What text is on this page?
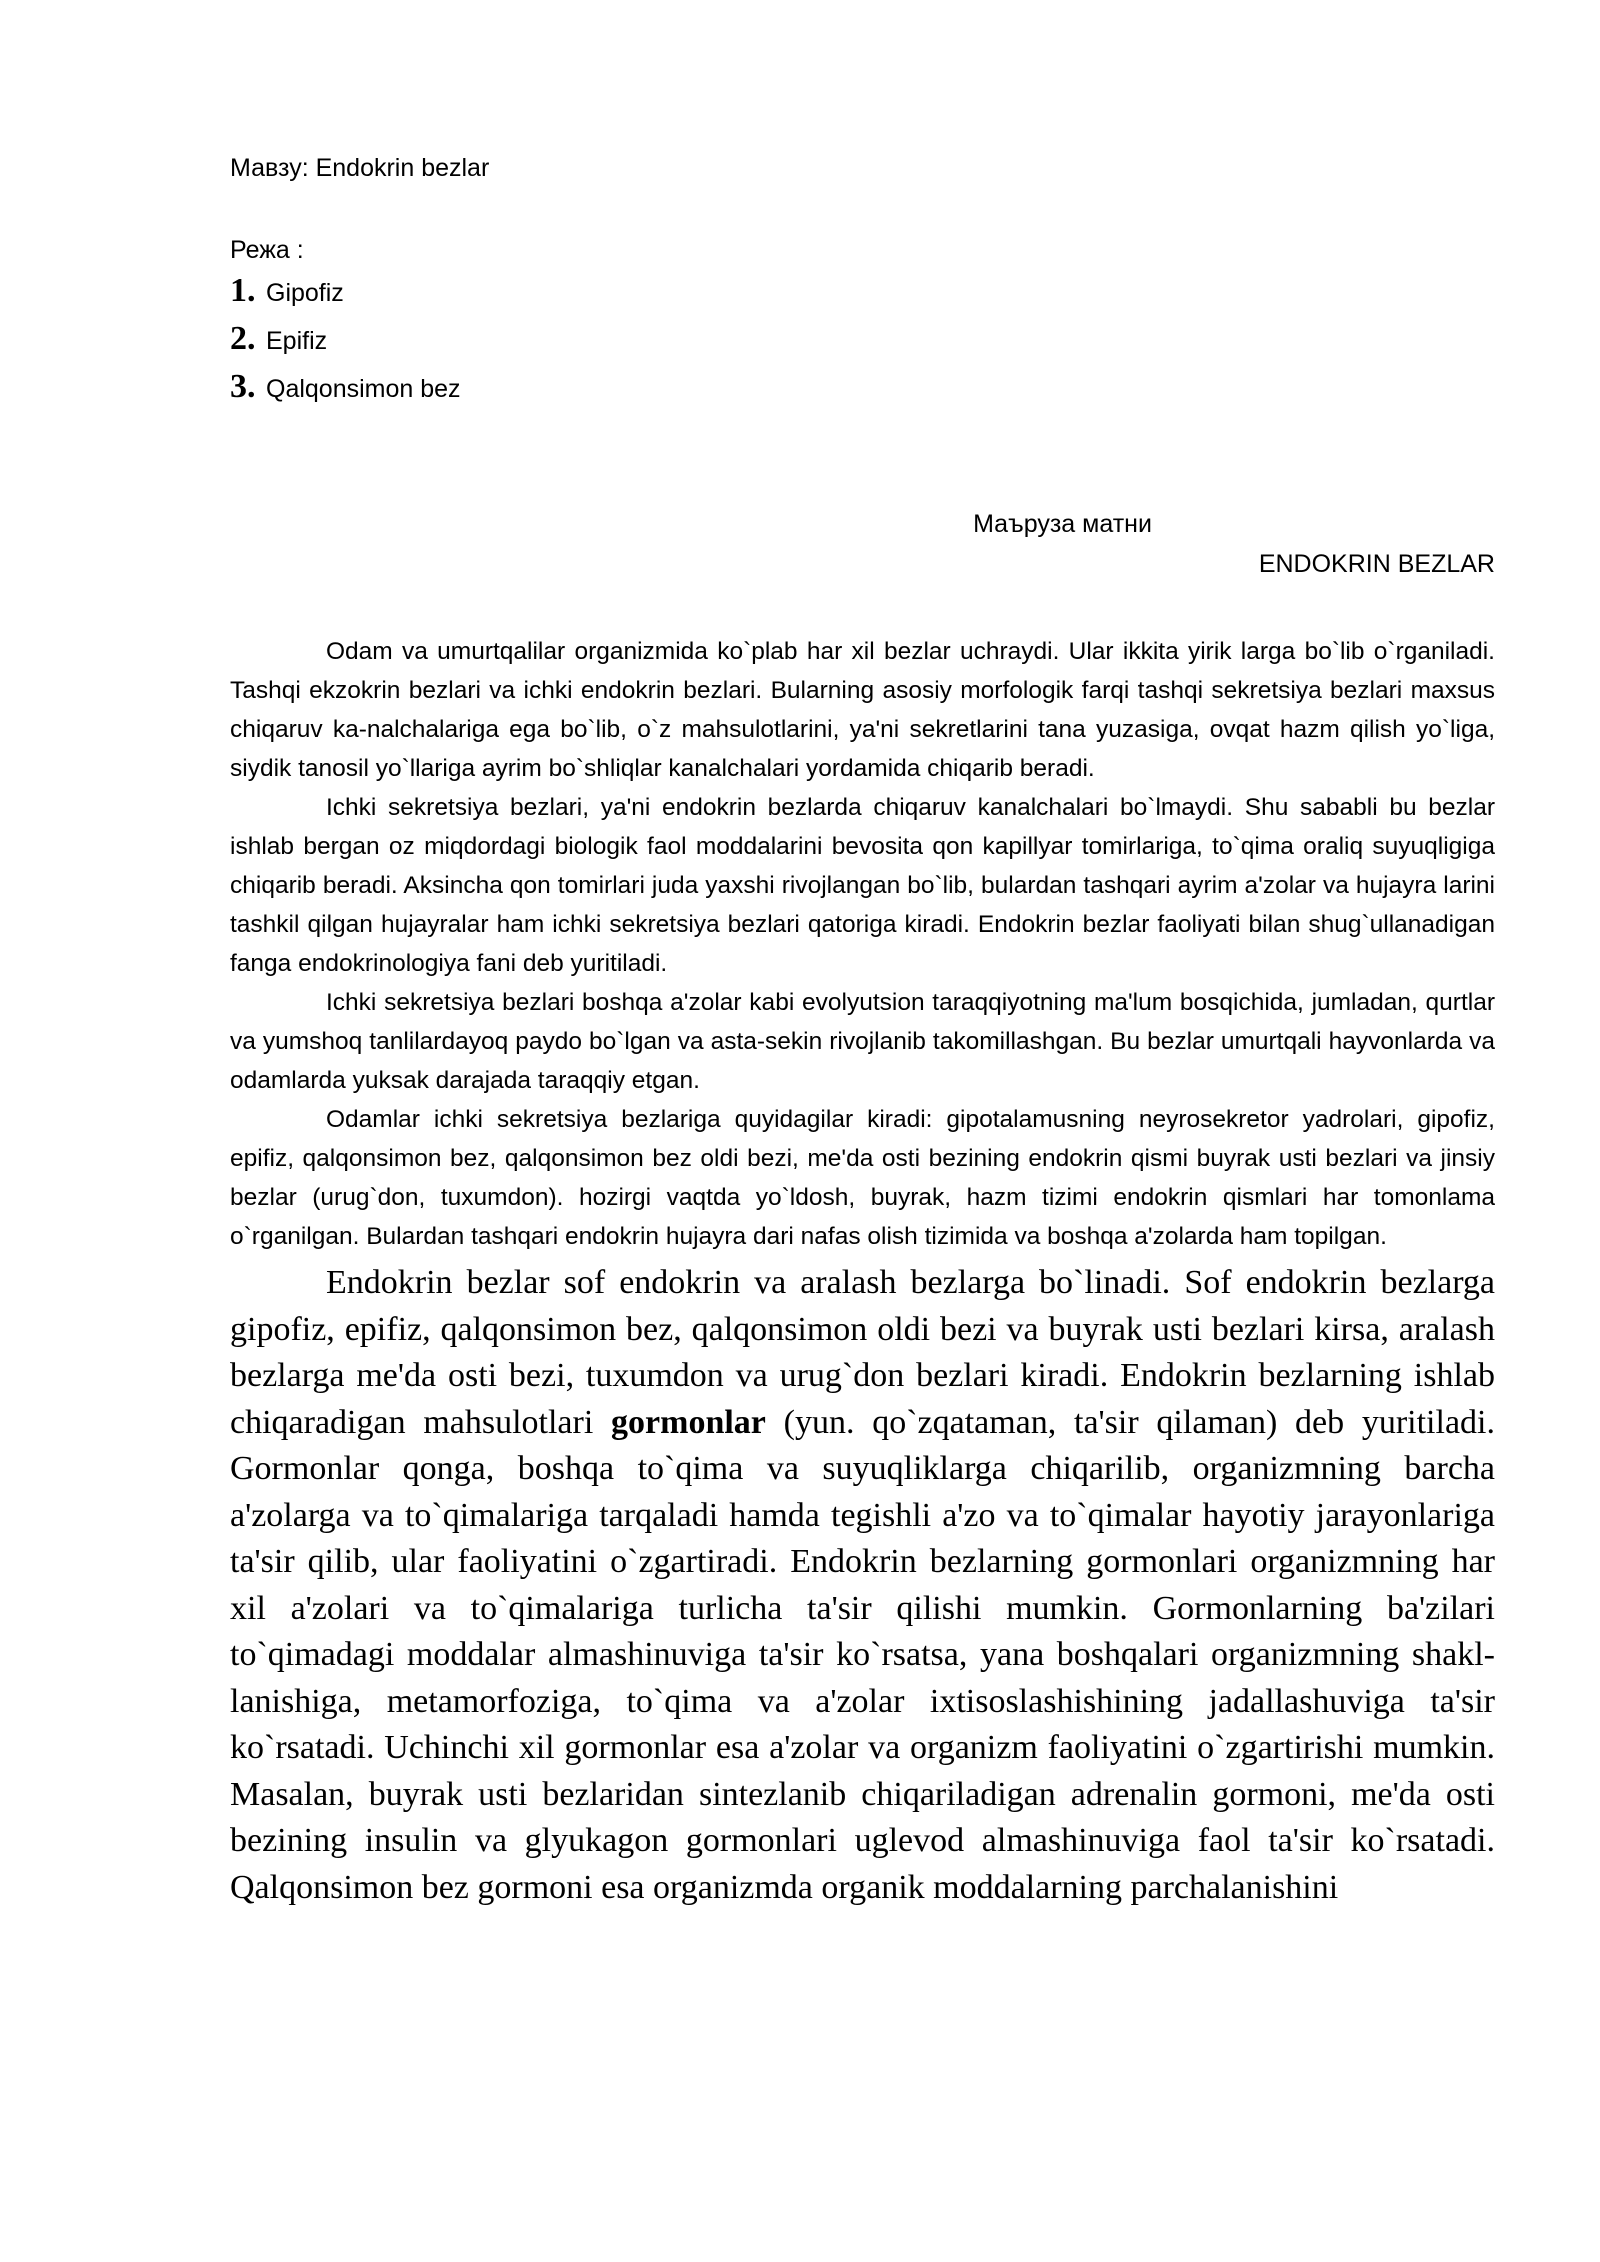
Мавзу: Endokrin bezlar

Режа :

1. Gipofiz
2. Epifiz
3. Qalqonsimon bez

Маъруза матни

ENDOKRIN BEZLAR

Odam va umurtqalilar organizmida ko`plab har xil bezlar uchraydi. Ular ikkita yirik larga bo`lib o`rganiladi. Tashqi ekzokrin bezlari va ichki endokrin bezlari. Bularning asosiy morfologik farqi tashqi sekretsiya bezlari maxsus chiqaruv ka-nalchalariga ega bo`lib, o`z mahsulotlarini, ya'ni sekretlarini tana yuzasiga, ovqat hazm qilish yo`liga, siydik tanosil yo`llariga ayrim bo`shliqlar kanalchalari yordamida chiqarib beradi.

Ichki sekretsiya bezlari, ya'ni endokrin bezlarda chiqaruv kanalchalari bo`lmaydi. Shu sababli bu bezlar ishlab bergan oz miqdordagi biologik faol moddalarini bevosita qon kapillyar tomirlariga, to`qima oraliq suyuqligiga chiqarib beradi. Aksincha qon tomirlari juda yaxshi rivojlangan bo`lib, bulardan tashqari ayrim a'zolar va hujayra larini tashkil qilgan hujayralar ham ichki sekretsiya bezlari qatoriga kiradi. Endokrin bezlar faoliyati bilan shug`ullanadigan fanga endokrinologiya fani deb yuritiladi.

Ichki sekretsiya bezlari boshqa a'zolar kabi evolyutsion taraqqiyotning ma'lum bosqichida, jumladan, qurtlar va yumshoq tanlilardayoq paydo bo`lgan va asta-sekin rivojlanib takomillashgan. Bu bezlar umurtqali hayvonlarda va odamlarda yuksak darajada taraqqiy etgan.

Odamlar ichki sekretsiya bezlariga quyidagilar kiradi: gipotalamusning neyrosekretor yadrolari, gipofiz, epifiz, qalqonsimon bez, qalqonsimon bez oldi bezi, me'da osti bezining endokrin qismi buyrak usti bezlari va jinsiy bezlar (urug`don, tuxumdon). hozirgi vaqtda yo`ldosh, buyrak, hazm tizimi endokrin qismlari har tomonlama o`rganilgan. Bulardan tashqari endokrin hujayra dari nafas olish tizimida va boshqa a'zolarda ham topilgan.

Endokrin bezlar sof endokrin va aralash bezlarga bo`linadi. Sof endokrin bezlarga gipofiz, epifiz, qalqonsimon bez, qalqonsimon oldi bezi va buyrak usti bezlari kirsa, aralash bezlarga me'da osti bezi, tuxumdon va urug`don bezlari kiradi. Endokrin bezlarning ishlab chiqaradigan mahsulotlari gormonlar (yun. qo`zqataman, ta'sir qilaman) deb yuritiladi. Gormonlar qonga, boshqa to`qima va suyuqliklarga chiqarilib, organizmning barcha a'zolarga va to`qimalariga tarqaladi hamda tegishli a'zo va to`qimalar hayotiy jarayonlariga ta'sir qilib, ular faoliyatini o`zgartiradi. Endokrin bezlarning gormonlari organizmning har xil a'zolari va to`qimalariga turlicha ta'sir qilishi mumkin. Gormonlarning ba'zilari to`qimadagi moddalar almashinuviga ta'sir ko`rsatsa, yana boshqalari organizmning shakl-lanishiga, metamorfoziga, to`qima va a'zolar ixtisoslashishining jadallashuviga ta'sir ko`rsatadi. Uchinchi xil gormonlar esa a'zolar va organizm faoliyatini o`zgartirishi mumkin. Masalan, buyrak usti bezlaridan sintezlanib chiqariladigan adrenalin gormoni, me'da osti bezining insulin va glyukagon gormonlari uglevod almashinuviga faol ta'sir ko`rsatadi. Qalqonsimon bez gormoni esa organizmda organik moddalarning parchalanishini
